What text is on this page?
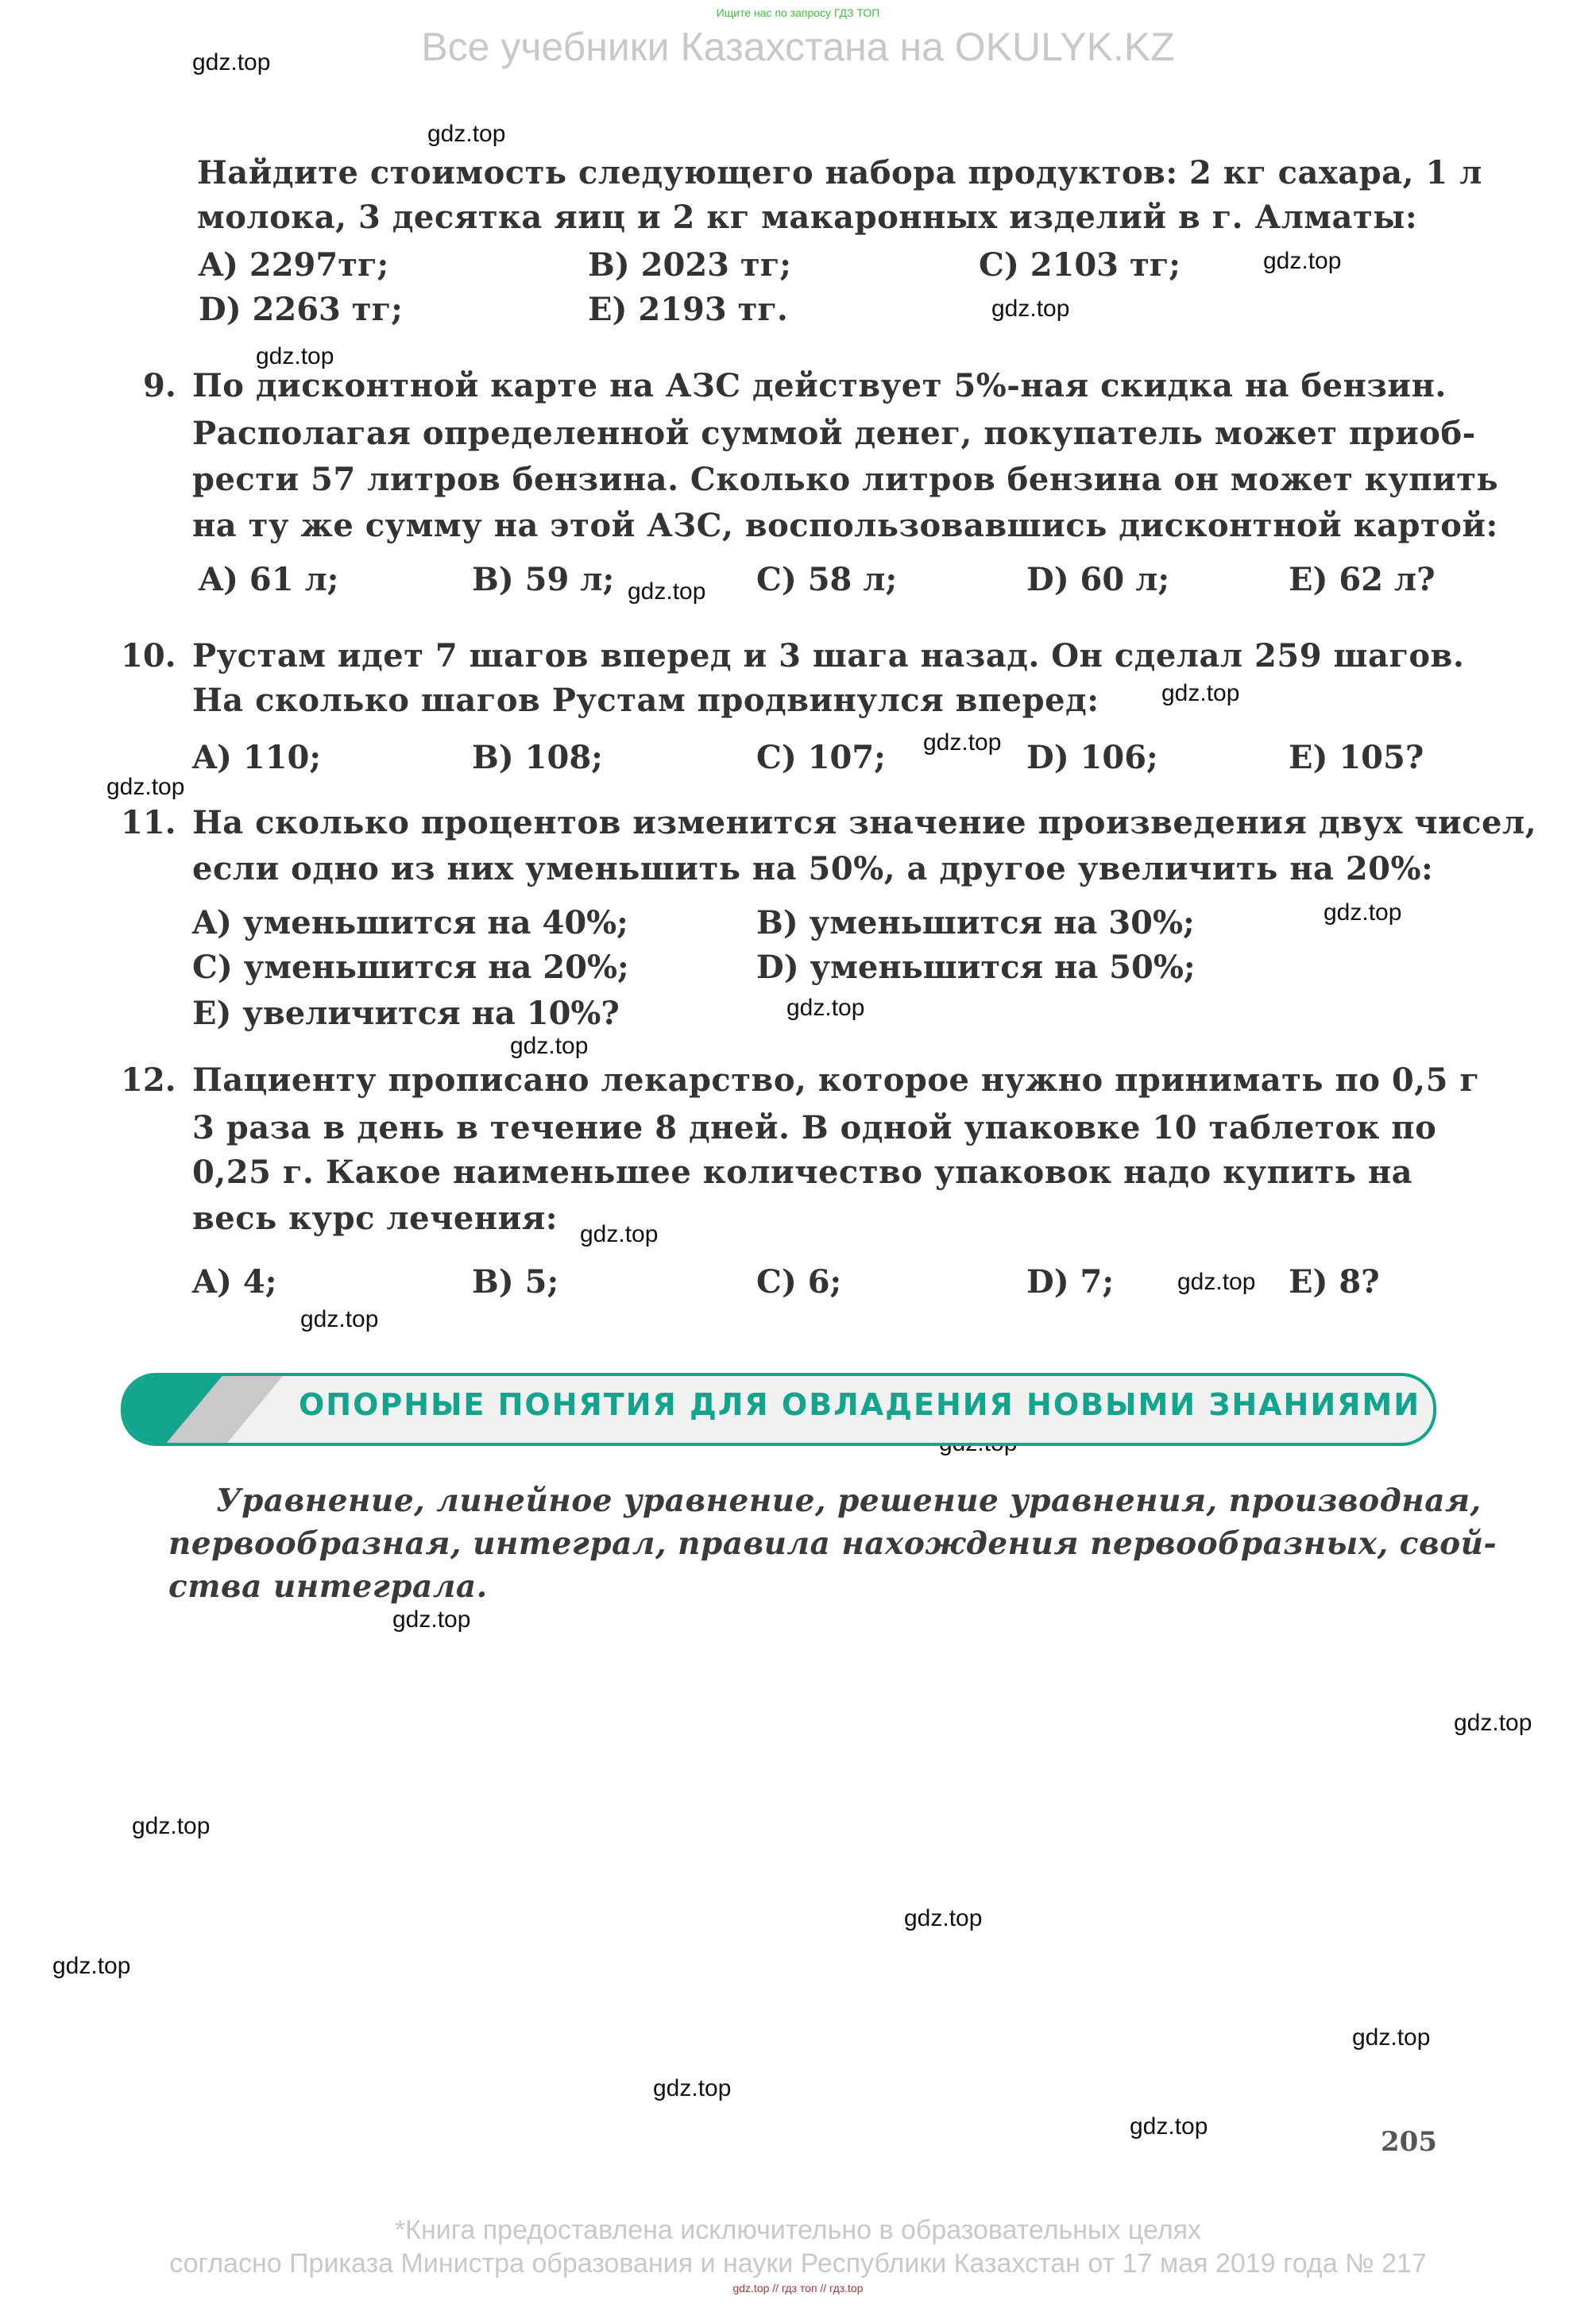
Ищите нас по запросу ГДЗ ТОП
Все учебники Казахстана на OKULYK.KZ
gdz.top
gdz.top
gdz.top
gdz.top
gdz.top
gdz.top
gdz.top
gdz.top
gdz.top
gdz.top
gdz.top
gdz.top
gdz.top
gdz.top
gdz.top
gdz.top
gdz.top
gdz.top
gdz.top
gdz.top
gdz.top
gdz.top
gdz.top
Найдите стоимость следующего набора продуктов: 2 кг сахара, 1 л
молока, 3 десятка яиц и 2 кг макаронных изделий в г. Алматы:
A) 2297тг;	B) 2023 тг;	C) 2103 тг;
D) 2263 тг;	E) 2193 тг.
9. По дисконтной карте на АЗС действует 5%-ная скидка на бензин.
Располагая определенной суммой денег, покупатель может приоб-
рести 57 литров бензина. Сколько литров бензина он может купить
на ту же сумму на этой АЗС, воспользовавшись дисконтной картой:
A) 61 л;	B) 59 л;	C) 58 л;	D) 60 л;	E) 62 л?
10. Рустам идет 7 шагов вперед и 3 шага назад. Он сделал 259 шагов.
На сколько шагов Рустам продвинулся вперед:
A) 110;	B) 108;	C) 107;	D) 106;	E) 105?
11. На сколько процентов изменится значение произведения двух чисел,
если одно из них уменьшить на 50%, а другое увеличить на 20%:
A) уменьшится на 40%;	B) уменьшится на 30%;
C) уменьшится на 20%;	D) уменьшится на 50%;
E) увеличится на 10%?
12. Пациенту прописано лекарство, которое нужно принимать по 0,5 г
3 раза в день в течение 8 дней. В одной упаковке 10 таблеток по
0,25 г. Какое наименьшее количество упаковок надо купить на
весь курс лечения:
A) 4;	B) 5;	C) 6;	D) 7;	E) 8?
ОПОРНЫЕ ПОНЯТИЯ ДЛЯ ОВЛАДЕНИЯ НОВЫМИ ЗНАНИЯМИ
Уравнение, линейное уравнение, решение уравнения, производная,
первообразная, интеграл, правила нахождения первообразных, свой-
ства интеграла.
205
*Книга предоставлена исключительно в образовательных целях
согласно Приказа Министра образования и науки Республики Казахстан от 17 мая 2019 года № 217
gdz.top // гдз топ // гдз.top
